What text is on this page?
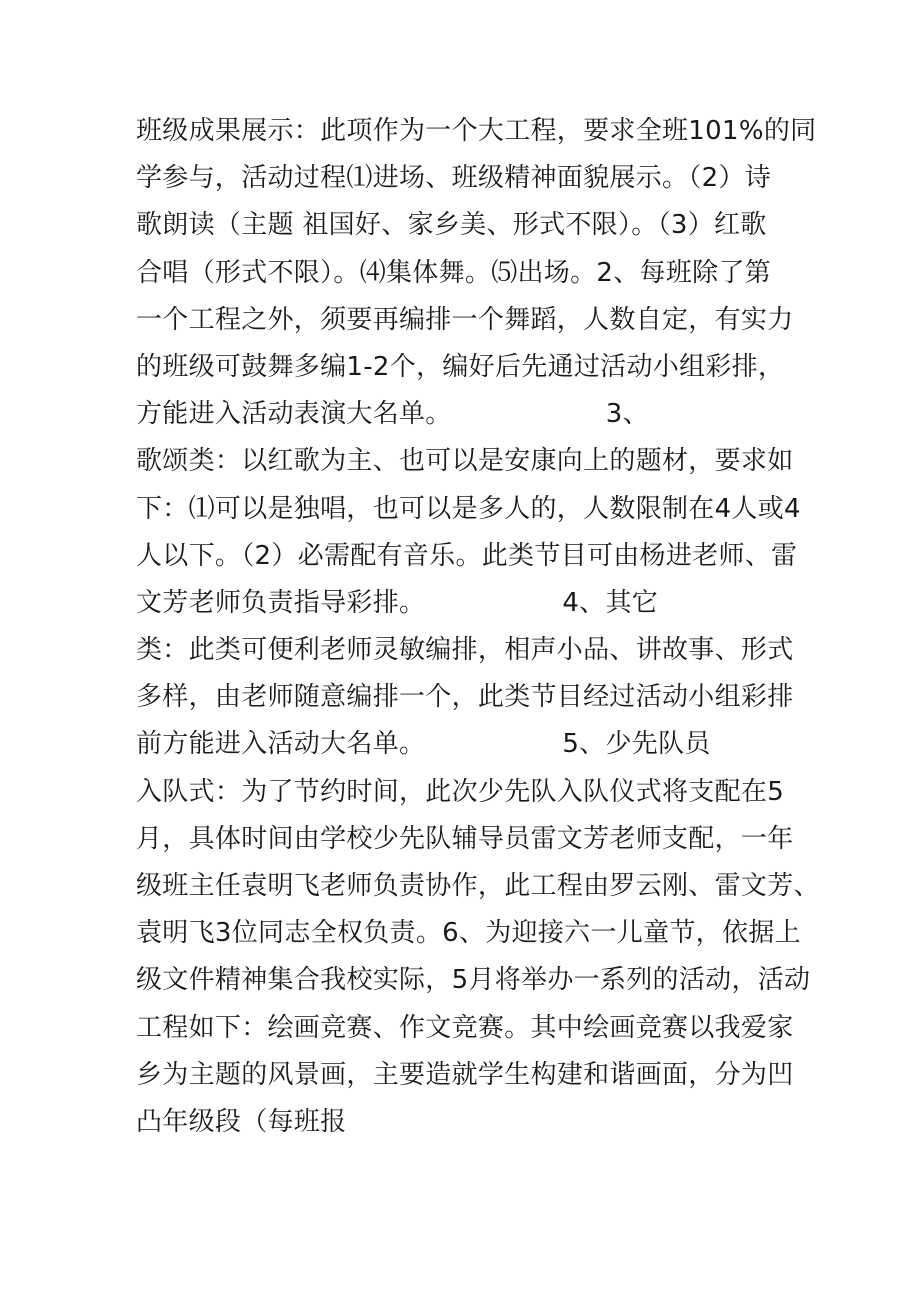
班级成果展示：此项作为一个大工程，要求全班101%的同
学参与，活动过程⑴进场、班级精神面貌展示。（2）诗
歌朗读（主题 祖国好、家乡美、形式不限）。（3）红歌
合唱（形式不限）。⑷集体舞。⑸出场。2、每班除了第
一个工程之外，须要再编排一个舞蹈，人数自定，有实力
的班级可鼓舞多编1-2个，编好后先通过活动小组彩排，
方能进入活动表演大名单。                  3、
歌颂类：以红歌为主、也可以是安康向上的题材，要求如
下：⑴可以是独唱，也可以是多人的，人数限制在4人或4
人以下。（2）必需配有音乐。此类节目可由杨进老师、雷
文芳老师负责指导彩排。                4、其它
类：此类可便利老师灵敏编排，相声小品、讲故事、形式
多样，由老师随意编排一个，此类节目经过活动小组彩排
前方能进入活动大名单。                5、少先队员
入队式：为了节约时间，此次少先队入队仪式将支配在5
月，具体时间由学校少先队辅导员雷文芳老师支配，一年
级班主任袁明飞老师负责协作，此工程由罗云刚、雷文芳、
袁明飞3位同志全权负责。6、为迎接六一儿童节，依据上
级文件精神集合我校实际，5月将举办一系列的活动，活动
工程如下：绘画竞赛、作文竞赛。其中绘画竞赛以我爱家
乡为主题的风景画，主要造就学生构建和谐画面，分为凹
凸年级段（每班报
